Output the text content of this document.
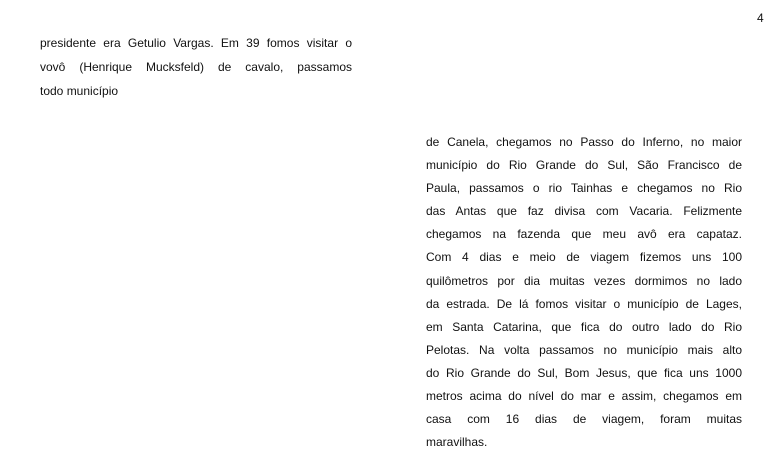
4
presidente era Getulio Vargas. Em 39 fomos visitar o
vovô (Henrique Mucksfeld) de cavalo, passamos
todo município
de Canela, chegamos no Passo do Inferno, no maior
município do Rio Grande do Sul, São Francisco de
Paula, passamos o rio Tainhas e chegamos no Rio
das Antas que faz divisa com Vacaria. Felizmente
chegamos na fazenda que meu avô era capataz.
Com 4 dias e meio de viagem fizemos uns 100
quilômetros por dia muitas vezes dormimos no lado
da estrada. De lá fomos visitar o município de Lages,
em Santa Catarina, que fica do outro lado do Rio
Pelotas. Na volta passamos no município mais alto
do Rio Grande do Sul, Bom Jesus, que fica uns 1000
metros acima do nível do mar e assim, chegamos em
casa com 16 dias de viagem, foram muitas
maravilhas.
